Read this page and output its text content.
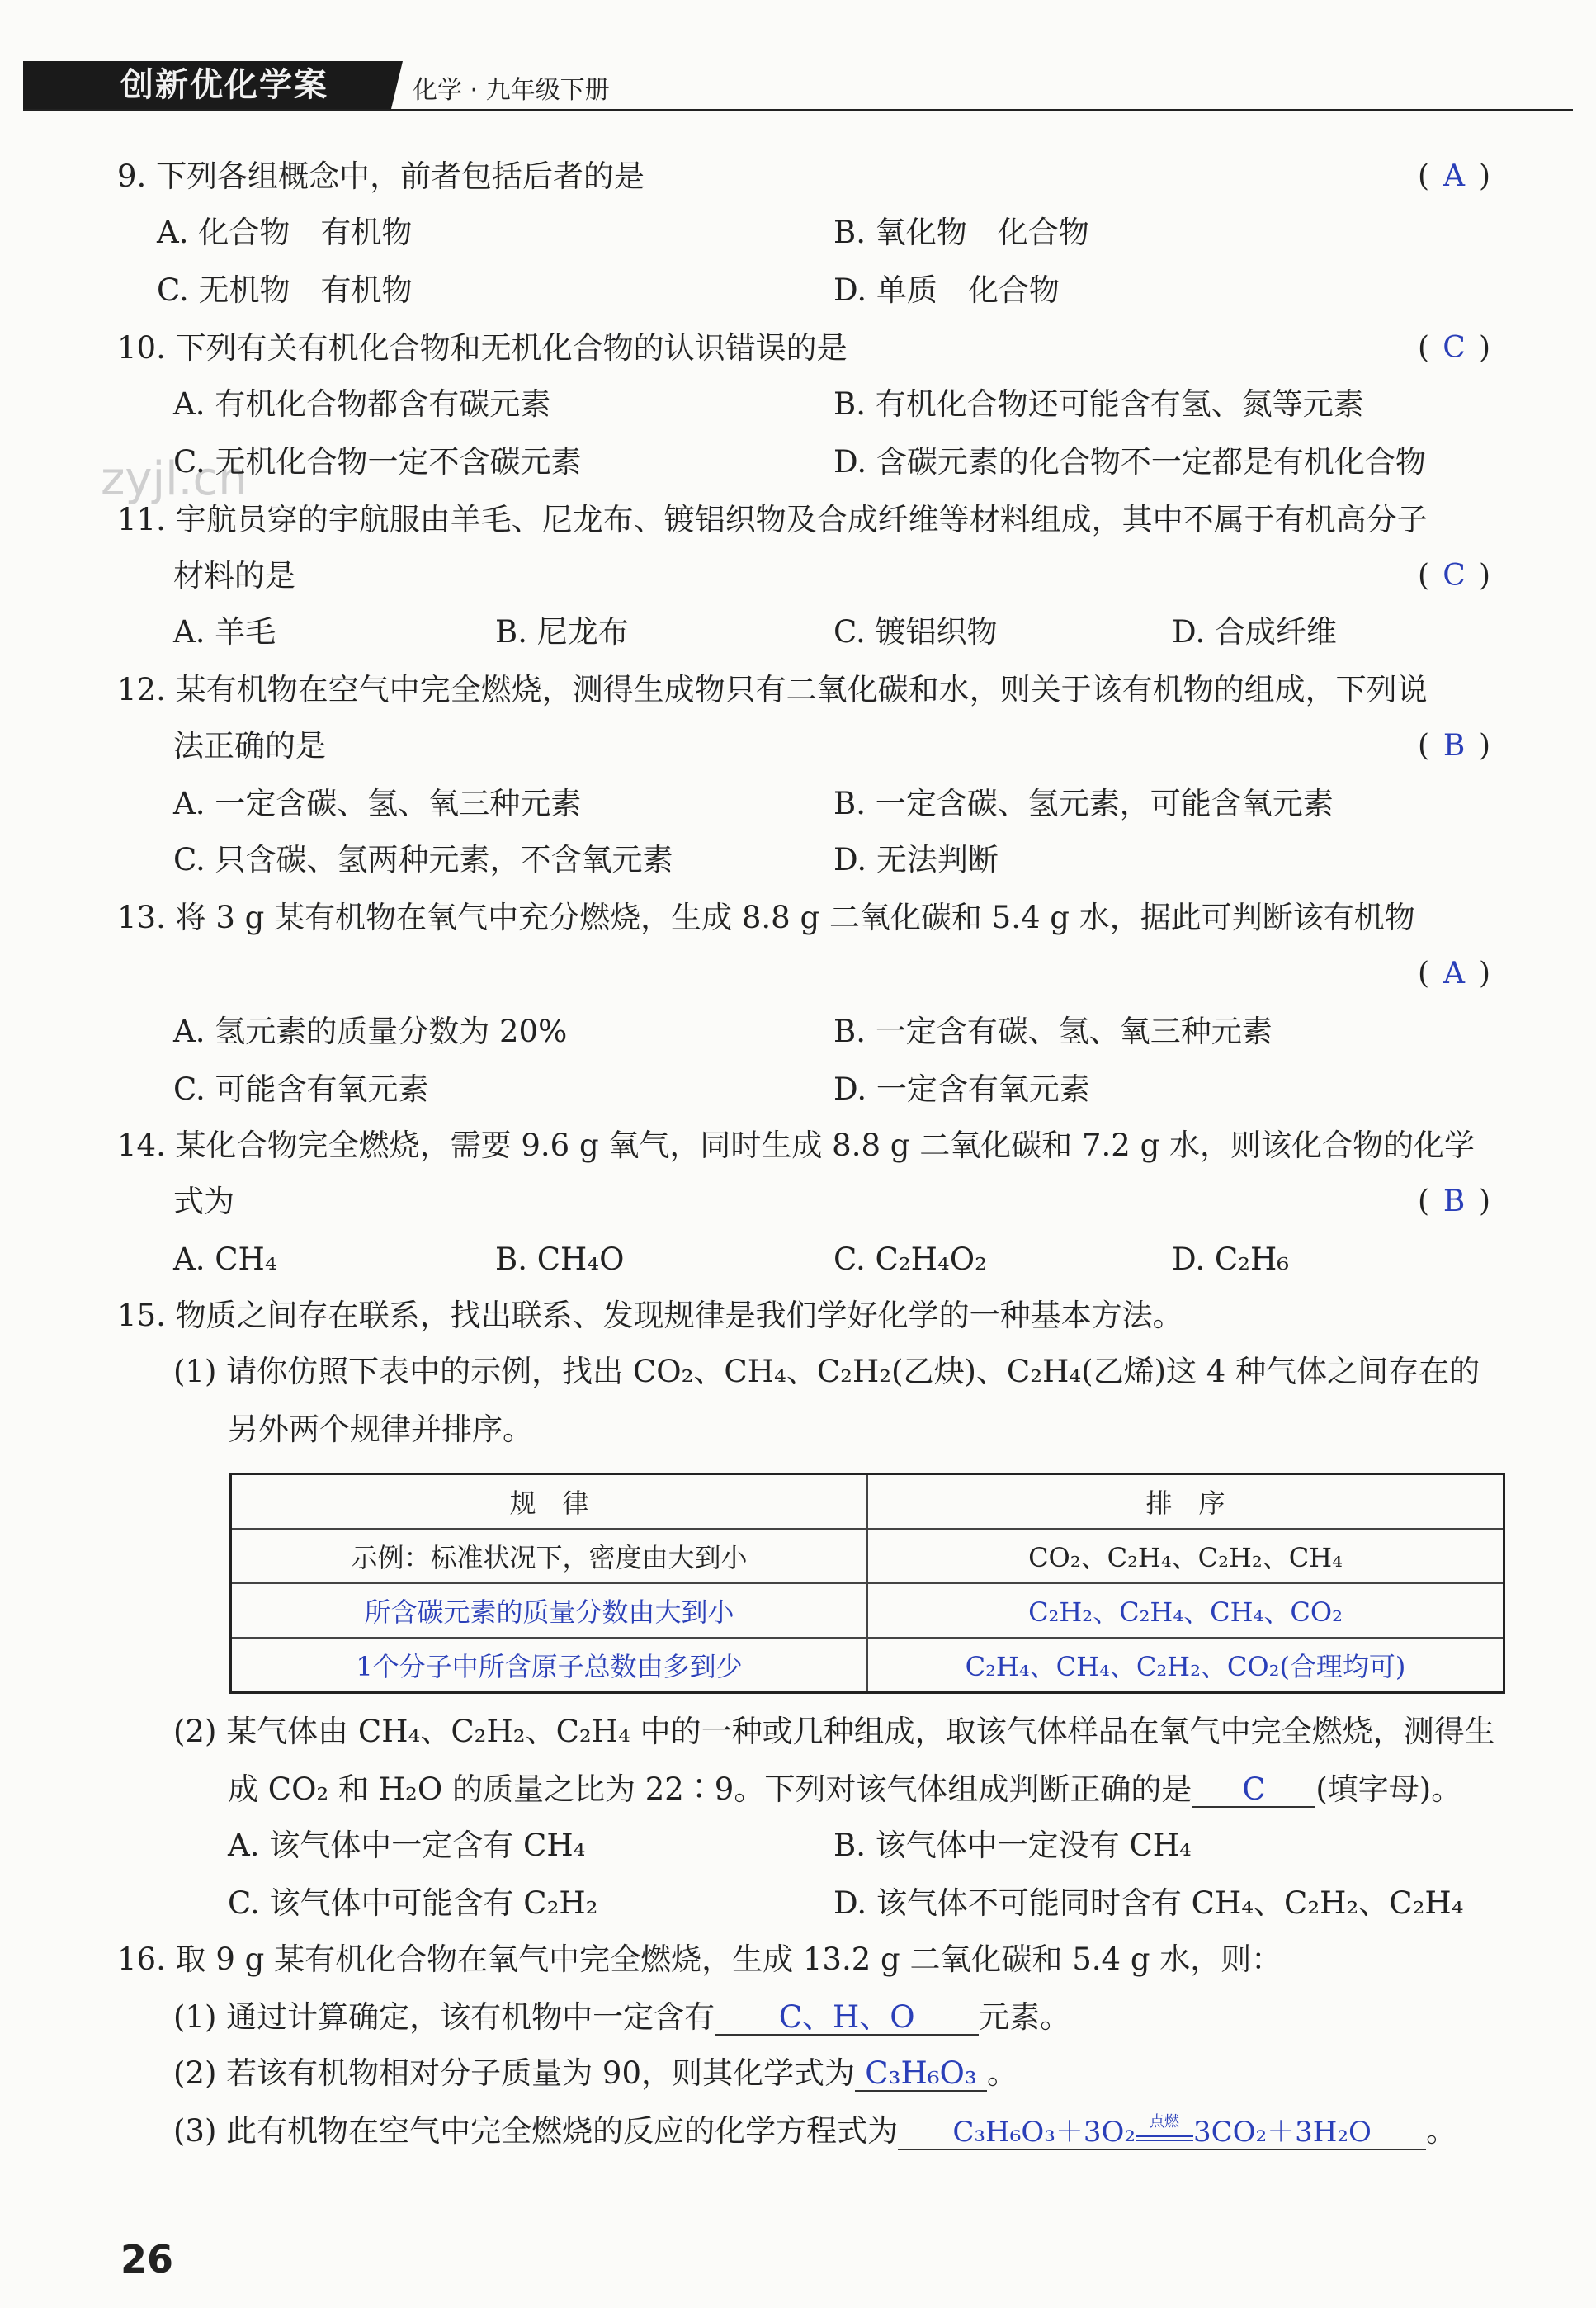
创新优化学案	化学 · 九年级下册
zyjl.cn
9. 下列各组概念中，前者包括后者的是	( A )
A. 化合物　有机物	B. 氧化物　化合物
C. 无机物　有机物	D. 单质　化合物
10. 下列有关有机化合物和无机化合物的认识错误的是	( C )
A. 有机化合物都含有碳元素	B. 有机化合物还可能含有氢、氮等元素
C. 无机化合物一定不含碳元素	D. 含碳元素的化合物不一定都是有机化合物
11. 宇航员穿的宇航服由羊毛、尼龙布、镀铝织物及合成纤维等材料组成，其中不属于有机高分子
材料的是	( C )
A. 羊毛	B. 尼龙布	C. 镀铝织物	D. 合成纤维
12. 某有机物在空气中完全燃烧，测得生成物只有二氧化碳和水，则关于该有机物的组成，下列说
法正确的是	( B )
A. 一定含碳、氢、氧三种元素	B. 一定含碳、氢元素，可能含氧元素
C. 只含碳、氢两种元素，不含氧元素	D. 无法判断
13. 将 3 g 某有机物在氧气中充分燃烧，生成 8.8 g 二氧化碳和 5.4 g 水，据此可判断该有机物
( A )
A. 氢元素的质量分数为 20%	B. 一定含有碳、氢、氧三种元素
C. 可能含有氧元素	D. 一定含有氧元素
14. 某化合物完全燃烧，需要 9.6 g 氧气，同时生成 8.8 g 二氧化碳和 7.2 g 水，则该化合物的化学
式为	( B )
A. CH₄	B. CH₄O	C. C₂H₄O₂	D. C₂H₆
15. 物质之间存在联系，找出联系、发现规律是我们学好化学的一种基本方法。
(1) 请你仿照下表中的示例，找出 CO₂、CH₄、C₂H₂(乙炔)、C₂H₄(乙烯)这 4 种气体之间存在的
另外两个规律并排序。
规　律	排　序
示例：标准状况下，密度由大到小	CO₂、C₂H₄、C₂H₂、CH₄
所含碳元素的质量分数由大到小	C₂H₂、C₂H₄、CH₄、CO₂
1个分子中所含原子总数由多到少	C₂H₄、CH₄、C₂H₂、CO₂(合理均可)
(2) 某气体由 CH₄、C₂H₂、C₂H₄ 中的一种或几种组成，取该气体样品在氧气中完全燃烧，测得生
成 CO₂ 和 H₂O 的质量之比为 22∶9。下列对该气体组成判断正确的是 C (填字母)。
A. 该气体中一定含有 CH₄	B. 该气体中一定没有 CH₄
C. 该气体中可能含有 C₂H₂	D. 该气体不可能同时含有 CH₄、C₂H₂、C₂H₄
16. 取 9 g 某有机化合物在氧气中完全燃烧，生成 13.2 g 二氧化碳和 5.4 g 水，则：
(1) 通过计算确定，该有机物中一定含有 C、H、O 元素。
(2) 若该有机物相对分子质量为 90，则其化学式为 C₃H₆O₃ 。
(3) 此有机物在空气中完全燃烧的反应的化学方程式为 C₃H₆O₃＋3O₂ 点燃 3CO₂＋3H₂O 。
26
